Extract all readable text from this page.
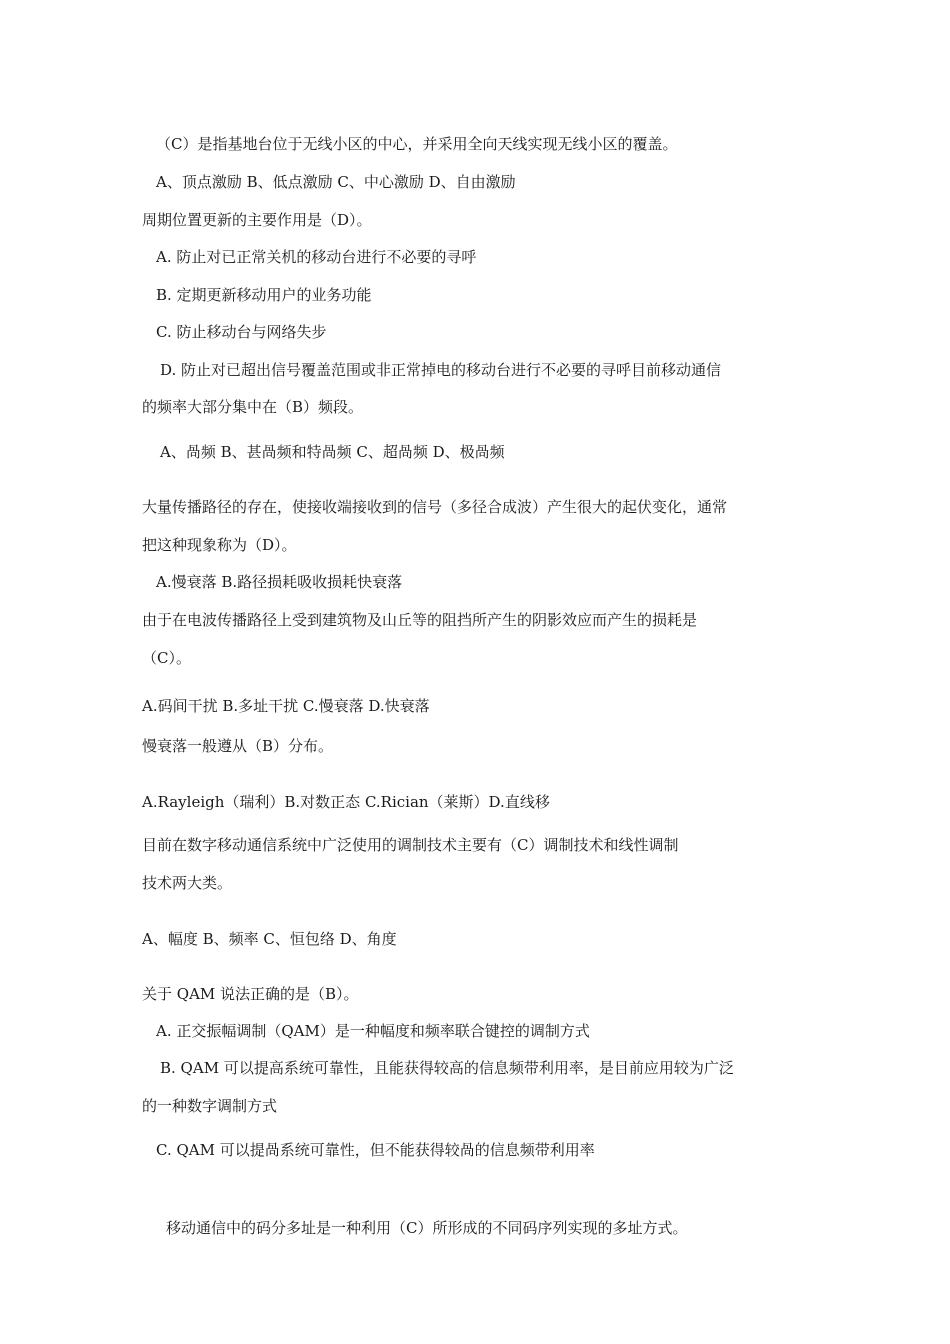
（C）是指基地台位于无线小区的中心，并采用全向天线实现无线小区的覆盖。
A、顶点激励 B、低点激励 C、中心激励 D、自由激励
周期位置更新的主要作用是（D）。
A. 防止对已正常关机的移动台进行不必要的寻呼
B. 定期更新移动用户的业务功能
C. 防止移动台与网络失步
D. 防止对已超出信号覆盖范围或非正常掉电的移动台进行不必要的寻呼目前移动通信
的频率大部分集中在（B）频段。
A、咼频 B、甚咼频和特咼频 C、超咼频 D、极咼频
大量传播路径的存在，使接收端接收到的信号（多径合成波）产生很大的起伏变化，通常
把这种现象称为（D）。
A.慢衰落 B.路径损耗吸收损耗快衰落
由于在电波传播路径上受到建筑物及山丘等的阻挡所产生的阴影效应而产生的损耗是
（C）。
A.码间干扰 B.多址干扰 C.慢衰落 D.快衰落
慢衰落一般遵从（B）分布。
A.Rayleigh（瑞利）B.对数正态 C.Rician（莱斯）D.直线移
目前在数字移动通信系统中广泛使用的调制技术主要有（C）调制技术和线性调制
技术两大类。
A、幅度 B、频率 C、恒包络 D、角度
关于 QAM 说法正确的是（B）。
A. 正交振幅调制（QAM）是一种幅度和频率联合键控的调制方式
B. QAM 可以提高系统可靠性，且能获得较高的信息频带利用率，是目前应用较为广泛
的一种数字调制方式
C. QAM 可以提咼系统可靠性，但不能获得较咼的信息频带利用率
移动通信中的码分多址是一种利用（C）所形成的不同码序列实现的多址方式。
